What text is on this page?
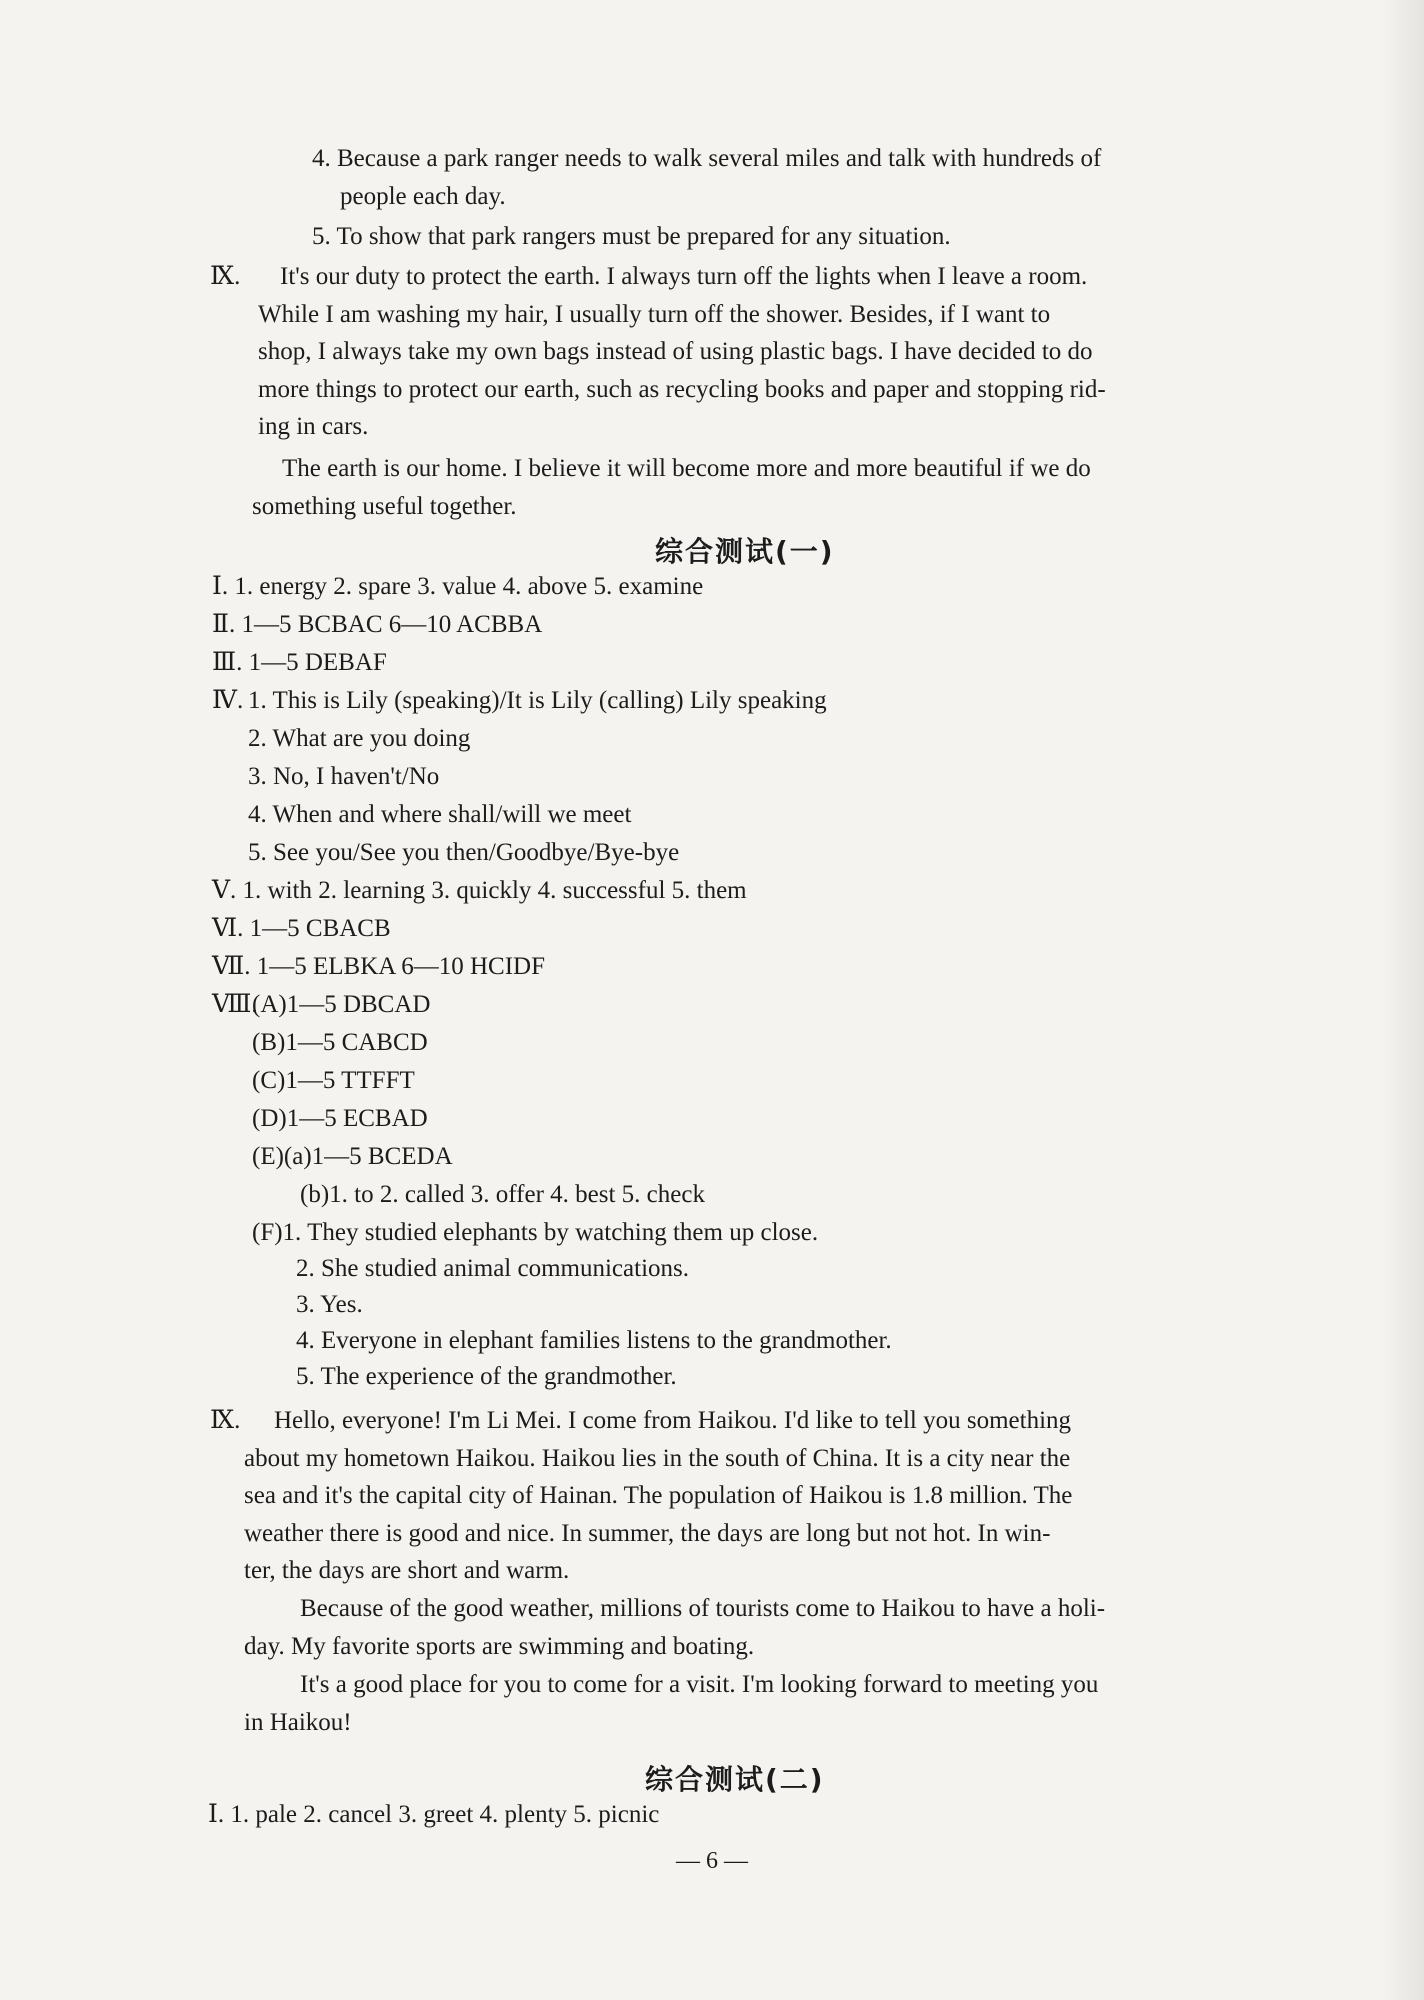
4. Because a park ranger needs to walk several miles and talk with hundreds of
people each day.
5. To show that park rangers must be prepared for any situation.
Ⅸ. It's our duty to protect the earth. I always turn off the lights when I leave a room.
While I am washing my hair, I usually turn off the shower. Besides, if I want to
shop, I always take my own bags instead of using plastic bags. I have decided to do
more things to protect our earth, such as recycling books and paper and stopping rid-
ing in cars.
The earth is our home. I believe it will become more and more beautiful if we do
something useful together.
综合测试(一)
Ⅰ. 1. energy 2. spare 3. value 4. above 5. examine
Ⅱ. 1—5 BCBAC 6—10 ACBBA
Ⅲ. 1—5 DEBAF
Ⅳ. 1. This is Lily (speaking)/It is Lily (calling) Lily speaking
2. What are you doing
3. No, I haven't/No
4. When and where shall/will we meet
5. See you/See you then/Goodbye/Bye-bye
Ⅴ. 1. with 2. learning 3. quickly 4. successful 5. them
Ⅵ. 1—5 CBACB
Ⅶ. 1—5 ELBKA 6—10 HCIDF
Ⅷ.
(A)1—5 DBCAD
(B)1—5 CABCD
(C)1—5 TTFFT
(D)1—5 ECBAD
(E)(a)1—5 BCEDA
(b)1. to 2. called 3. offer 4. best 5. check
(F)1. They studied elephants by watching them up close.
2. She studied animal communications.
3. Yes.
4. Everyone in elephant families listens to the grandmother.
5. The experience of the grandmother.
Ⅸ. Hello, everyone! I'm Li Mei. I come from Haikou. I'd like to tell you something
about my hometown Haikou. Haikou lies in the south of China. It is a city near the
sea and it's the capital city of Hainan. The population of Haikou is 1.8 million. The
weather there is good and nice. In summer, the days are long but not hot. In win-
ter, the days are short and warm.
Because of the good weather, millions of tourists come to Haikou to have a holi-
day. My favorite sports are swimming and boating.
It's a good place for you to come for a visit. I'm looking forward to meeting you
in Haikou!
综合测试(二)
Ⅰ. 1. pale 2. cancel 3. greet 4. plenty 5. picnic
— 6 —
